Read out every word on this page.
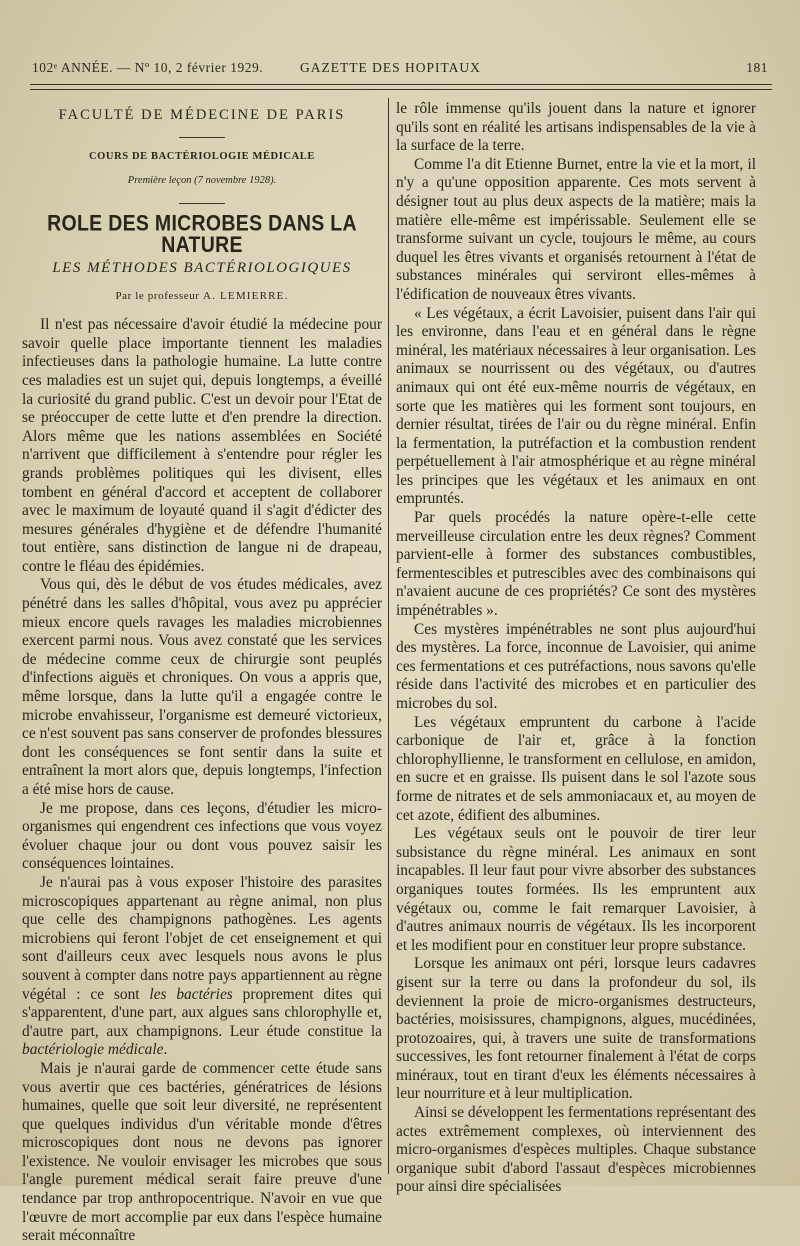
102ᵉ ANNÉE. — Nº 10, 2 février 1929.	GAZETTE DES HOPITAUX	181
FACULTÉ DE MÉDECINE DE PARIS
COURS DE BACTÉRIOLOGIE MÉDICALE
Première leçon (7 novembre 1928).
ROLE DES MICROBES DANS LA NATURE
LES MÉTHODES BACTÉRIOLOGIQUES
Par le professeur A. LEMIERRE.

Il n'est pas nécessaire d'avoir étudié la médecine pour savoir quelle place importante tiennent les maladies infectieuses dans la pathologie humaine. La lutte contre ces maladies est un sujet qui, depuis longtemps, a éveillé la curiosité du grand public. C'est un devoir pour l'Etat de se préoccuper de cette lutte et d'en prendre la direction. Alors même que les nations assemblées en Société n'arrivent que difficilement à s'entendre pour régler les grands problèmes politiques qui les divisent, elles tombent en général d'accord et acceptent de collaborer avec le maximum de loyauté quand il s'agit d'édicter des mesures générales d'hygiène et de défendre l'humanité tout entière, sans distinction de langue ni de drapeau, contre le fléau des épidémies.

Vous qui, dès le début de vos études médicales, avez pénétré dans les salles d'hôpital, vous avez pu apprécier mieux encore quels ravages les maladies microbiennes exercent parmi nous. Vous avez constaté que les services de médecine comme ceux de chirurgie sont peuplés d'infections aiguës et chroniques. On vous a appris que, même lorsque, dans la lutte qu'il a engagée contre le microbe envahisseur, l'organisme est demeuré victorieux, ce n'est souvent pas sans conserver de profondes blessures dont les conséquences se font sentir dans la suite et entraînent la mort alors que, depuis longtemps, l'infection a été mise hors de cause.

Je me propose, dans ces leçons, d'étudier les micro-organismes qui engendrent ces infections que vous voyez évoluer chaque jour ou dont vous pouvez saisir les conséquences lointaines.

Je n'aurai pas à vous exposer l'histoire des parasites microscopiques appartenant au règne animal, non plus que celle des champignons pathogènes. Les agents microbiens qui feront l'objet de cet enseignement et qui sont d'ailleurs ceux avec lesquels nous avons le plus souvent à compter dans notre pays appartiennent au règne végétal : ce sont les bactéries proprement dites qui s'apparentent, d'une part, aux algues sans chlorophylle et, d'autre part, aux champignons. Leur étude constitue la bactériologie médicale.

Mais je n'aurai garde de commencer cette étude sans vous avertir que ces bactéries, génératrices de lésions humaines, quelle que soit leur diversité, ne représentent que quelques individus d'un véritable monde d'êtres microscopiques dont nous ne devons pas ignorer l'existence. Ne vouloir envisager les microbes que sous l'angle purement médical serait faire preuve d'une tendance par trop anthropocentrique. N'avoir en vue que l'œuvre de mort accomplie par eux dans l'espèce humaine serait méconnaître

le rôle immense qu'ils jouent dans la nature et ignorer qu'ils sont en réalité les artisans indispensables de la vie à la surface de la terre.

Comme l'a dit Etienne Burnet, entre la vie et la mort, il n'y a qu'une opposition apparente. Ces mots servent à désigner tout au plus deux aspects de la matière; mais la matière elle-même est impérissable. Seulement elle se transforme suivant un cycle, toujours le même, au cours duquel les êtres vivants et organisés retournent à l'état de substances minérales qui serviront elles-mêmes à l'édification de nouveaux êtres vivants.

« Les végétaux, a écrit Lavoisier, puisent dans l'air qui les environne, dans l'eau et en général dans le règne minéral, les matériaux nécessaires à leur organisation. Les animaux se nourrissent ou des végétaux, ou d'autres animaux qui ont été eux-même nourris de végétaux, en sorte que les matières qui les forment sont toujours, en dernier résultat, tirées de l'air ou du règne minéral. Enfin la fermentation, la putréfaction et la combustion rendent perpétuellement à l'air atmosphérique et au règne minéral les principes que les végétaux et les animaux en ont empruntés.

Par quels procédés la nature opère-t-elle cette merveilleuse circulation entre les deux règnes? Comment parvient-elle à former des substances combustibles, fermentescibles et putrescibles avec des combinaisons qui n'avaient aucune de ces propriétés? Ce sont des mystères impénétrables ».

Ces mystères impénétrables ne sont plus aujourd'hui des mystères. La force, inconnue de Lavoisier, qui anime ces fermentations et ces putréfactions, nous savons qu'elle réside dans l'activité des microbes et en particulier des microbes du sol.

Les végétaux empruntent du carbone à l'acide carbonique de l'air et, grâce à la fonction chlorophyllienne, le transforment en cellulose, en amidon, en sucre et en graisse. Ils puisent dans le sol l'azote sous forme de nitrates et de sels ammoniacaux et, au moyen de cet azote, édifient des albumines.

Les végétaux seuls ont le pouvoir de tirer leur subsistance du règne minéral. Les animaux en sont incapables. Il leur faut pour vivre absorber des substances organiques toutes formées. Ils les empruntent aux végétaux ou, comme le fait remarquer Lavoisier, à d'autres animaux nourris de végétaux. Ils les incorporent et les modifient pour en constituer leur propre substance.

Lorsque les animaux ont péri, lorsque leurs cadavres gisent sur la terre ou dans la profondeur du sol, ils deviennent la proie de micro-organismes destructeurs, bactéries, moisissures, champignons, algues, mucédinées, protozoaires, qui, à travers une suite de transformations successives, les font retourner finalement à l'état de corps minéraux, tout en tirant d'eux les éléments nécessaires à leur nourriture et à leur multiplication.

Ainsi se développent les fermentations représentant des actes extrêmement complexes, où interviennent des micro-organismes d'espèces multiples. Chaque substance organique subit d'abord l'assaut d'espèces microbiennes pour ainsi dire spécialisées
